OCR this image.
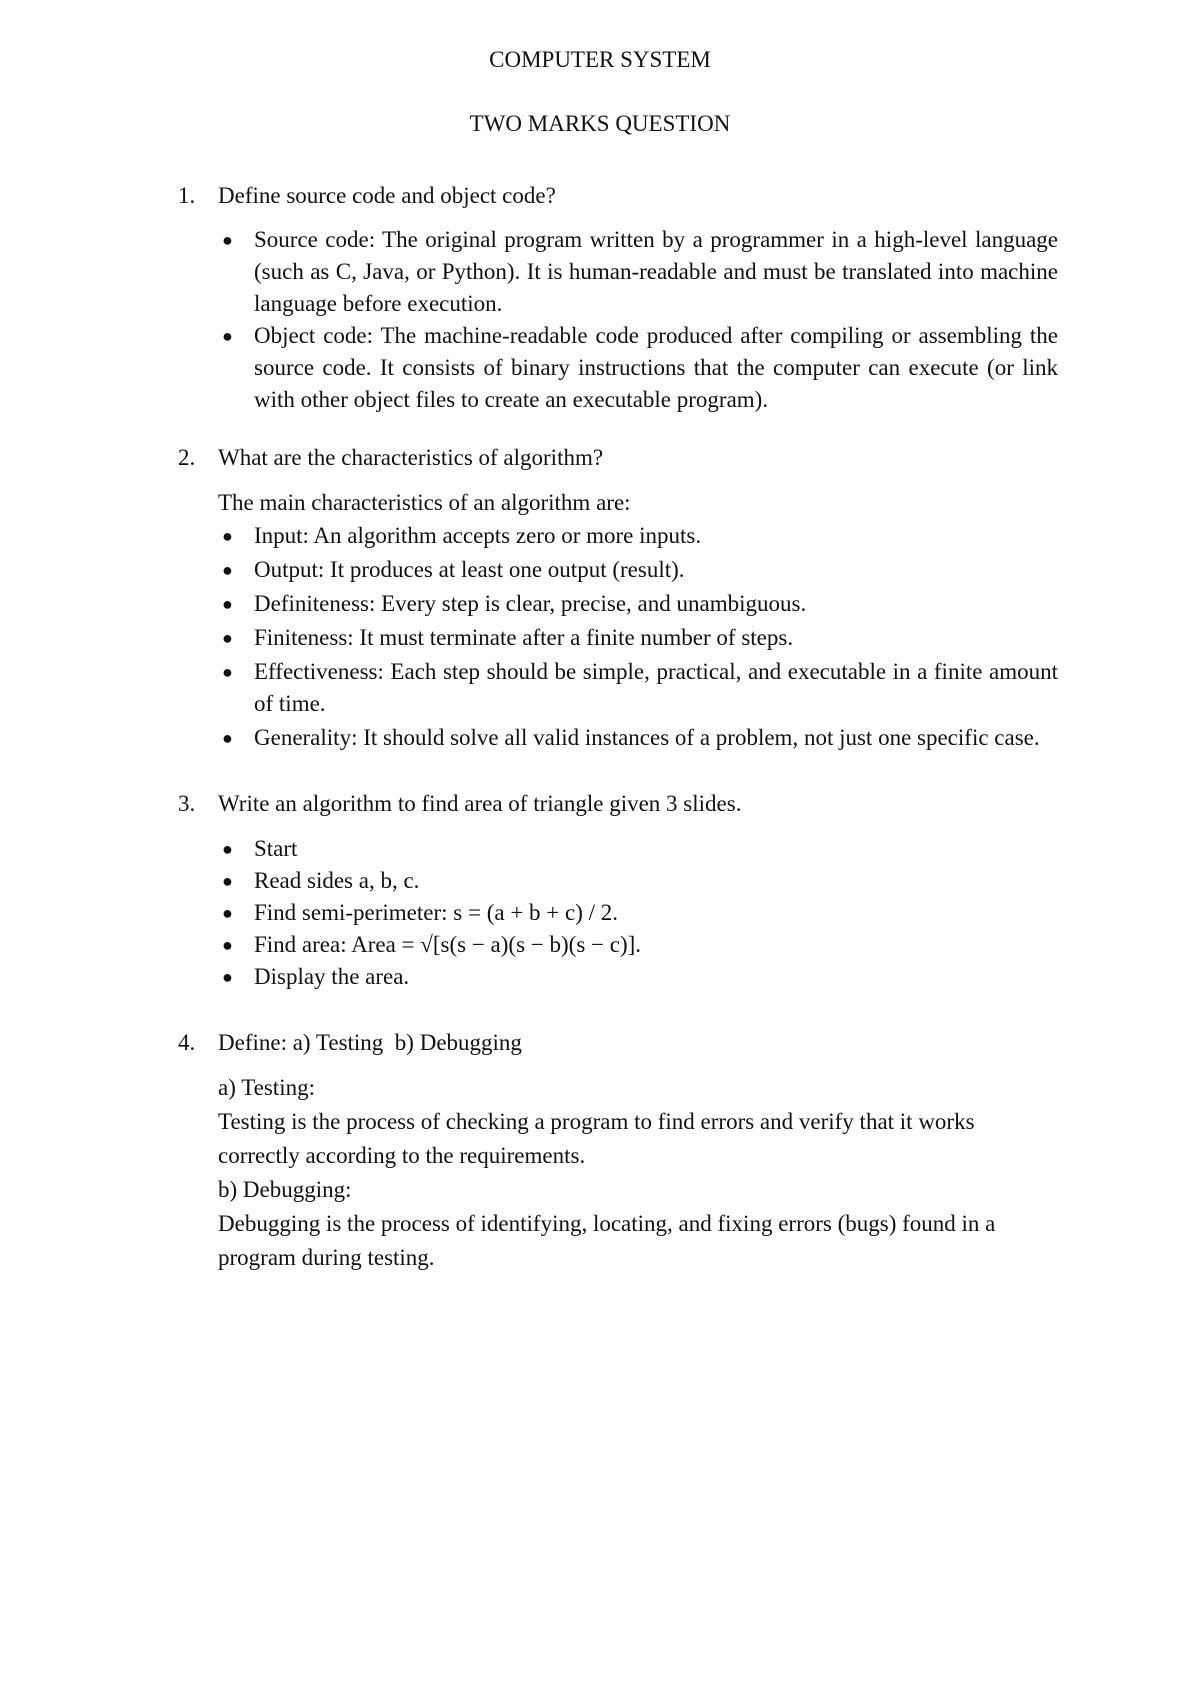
COMPUTER SYSTEM
TWO MARKS QUESTION
1. Define source code and object code?
● Source code: The original program written by a programmer in a high-level language (such as C, Java, or Python). It is human-readable and must be translated into machine language before execution.
● Object code: The machine-readable code produced after compiling or assembling the source code. It consists of binary instructions that the computer can execute (or link with other object files to create an executable program).
2. What are the characteristics of algorithm?
The main characteristics of an algorithm are:
● Input: An algorithm accepts zero or more inputs.
● Output: It produces at least one output (result).
● Definiteness: Every step is clear, precise, and unambiguous.
● Finiteness: It must terminate after a finite number of steps.
● Effectiveness: Each step should be simple, practical, and executable in a finite amount of time.
● Generality: It should solve all valid instances of a problem, not just one specific case.
3. Write an algorithm to find area of triangle given 3 slides.
● Start
● Read sides a, b, c.
● Find semi-perimeter: s = (a + b + c) / 2.
● Find area: Area = √[s(s − a)(s − b)(s − c)].
● Display the area.
4. Define: a) Testing  b) Debugging
a) Testing:
Testing is the process of checking a program to find errors and verify that it works correctly according to the requirements.
b) Debugging:
Debugging is the process of identifying, locating, and fixing errors (bugs) found in a program during testing.
